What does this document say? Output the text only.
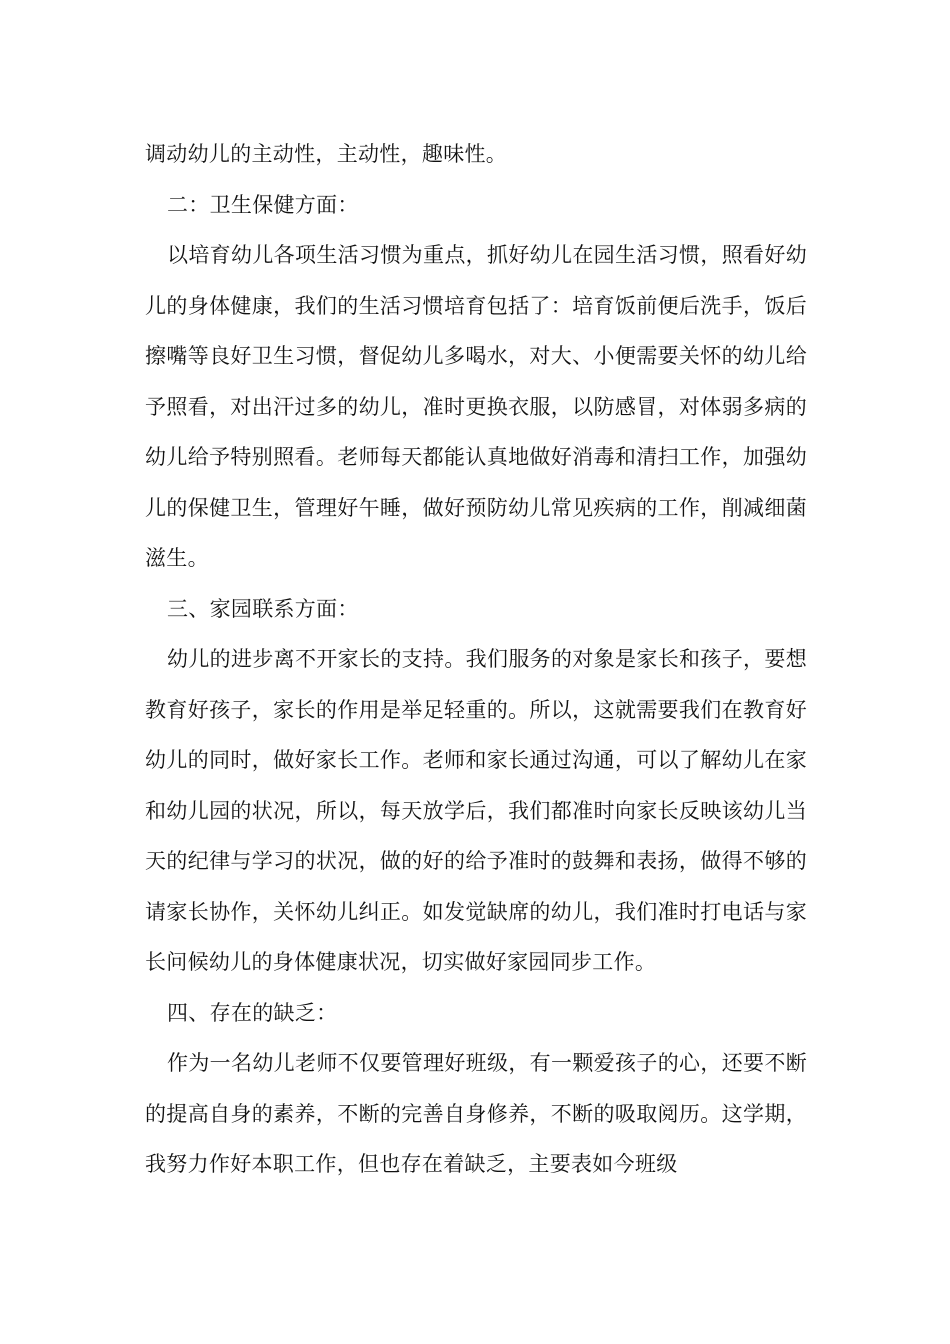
调动幼儿的主动性，主动性，趣味性。

二：卫生保健方面：

以培育幼儿各项生活习惯为重点，抓好幼儿在园生活习惯，照看好幼儿的身体健康，我们的生活习惯培育包括了：培育饭前便后洗手，饭后擦嘴等良好卫生习惯，督促幼儿多喝水，对大、小便需要关怀的幼儿给予照看，对出汗过多的幼儿，准时更换衣服，以防感冒，对体弱多病的幼儿给予特别照看。老师每天都能认真地做好消毒和清扫工作，加强幼儿的保健卫生，管理好午睡，做好预防幼儿常见疾病的工作，削减细菌滋生。

三、家园联系方面：

幼儿的进步离不开家长的支持。我们服务的对象是家长和孩子，要想教育好孩子，家长的作用是举足轻重的。所以，这就需要我们在教育好幼儿的同时，做好家长工作。老师和家长通过沟通，可以了解幼儿在家和幼儿园的状况，所以，每天放学后，我们都准时向家长反映该幼儿当天的纪律与学习的状况，做的好的给予准时的鼓舞和表扬，做得不够的请家长协作，关怀幼儿纠正。如发觉缺席的幼儿，我们准时打电话与家长问候幼儿的身体健康状况，切实做好家园同步工作。

四、存在的缺乏：

作为一名幼儿老师不仅要管理好班级，有一颗爱孩子的心，还要不断的提高自身的素养，不断的完善自身修养，不断的吸取阅历。这学期，我努力作好本职工作，但也存在着缺乏，主要表如今班级
